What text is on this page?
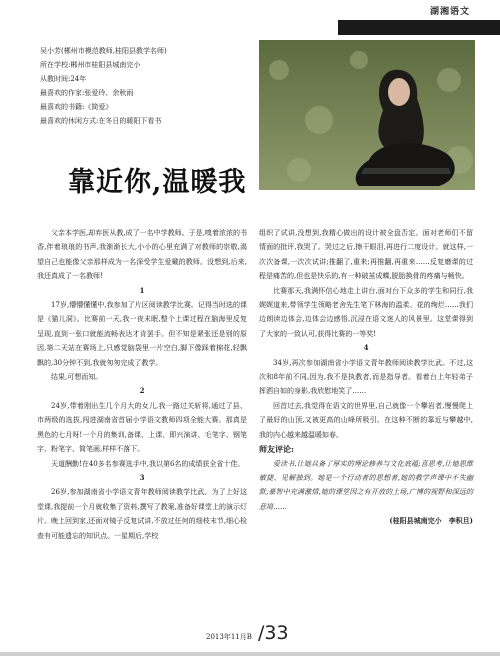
湖湘语文
吴小芳(郴州市模范教师,桂阳县教学名师)
所在学校:郴州市桂阳县城南完小
从教时间:24年
最喜欢的作家:张爱玲、余秋雨
最喜欢的书籍:《简爱》
最喜欢的休闲方式:在冬日的暖阳下看书
靠近你,温暖我

父亲本学医,却弃医从教,成了一名中学教师。于是,嗅着浓浓的书香,伴着琅琅的书声,我渐渐长大,小小的心里充满了对教师的崇敬,渴望自己也能像父亲那样成为一名深受学生爱戴的教师。没想到,后来,我还真成了一名教师!

1

17岁,懵懵懂懂中,我参加了片区阅读教学比赛。记得当时选的课是《猫儿洞》。比赛前一天,我一夜未眠,整个上课过程在脑海里反复呈现,直到一张口就能流畅表达才肯罢手。但不知是紧张还是别的原因,第二天站在赛场上,只感觉脑袋里一片空白,脚下像踩着棉花,轻飘飘的,30分钟不到,我就匆匆完成了教学。

结果,可想而知。

2

24岁,带着刚出生几个月大的女儿,我一路过关斩将,通过了县、市两级的选拔,闯进湖南省首届小学语文教师四项全能大赛。那真是黑色的七月呀!一个月的集训,备课、上课、即兴演讲、毛笔字、钢笔字、粉笔字、简笔画,样样不落下。

天道酬勤!在40多名参赛选手中,我以第6名的成绩获全省十佳。

3

26岁,参加湖南省小学语文青年教师阅读教学比武。为了上好这堂课,我提前一个月就收集了资料,撰写了教案,准备好课堂上的演示灯片。晚上回到家,还面对镜子反复试讲,不放过任何的细枝末节,细心检查有可能遗忘的知识点。一星期后,学校

组织了试讲,没想到,我精心做出的设计被全盘否定。面对老师们不留情面的批评,我哭了。哭过之后,擦干眼泪,再进行二度设计。就这样,一次次备课,一次次试讲;推翻了,重来;再推翻,再重来……反复磨课的过程是痛苦的,但也是快乐的,有一种破茧成蝶,脱胎换骨的疼痛与畅快。

比赛那天,我满怀信心地走上讲台,面对台下众多的学生和同行,我娓娓道来,带领学生领略老舍先生笔下林海的温柔、花的绚烂……我们边朗读边体会,边体会边感悟,沉浸在语文迷人的风景里。这堂课得到了大家的一致认可,获得比赛的一等奖!

4

34岁,再次参加湖南省小学语文青年教师阅读教学比武。不过,这次和8年前不同,因为,我不是执教者,而是指导者。看着台上年轻弟子挥洒自如的身影,我欣慰地笑了……

回首过去,我觉得在语文的世界里,自己就像一个攀岩者,慢慢爬上了最好的山顶,又被更高的山峰所吸引。在这种不断的靠近与攀越中,我的内心越来越温暖如春。

师友评论:

爱读书,让她具备了厚实的理论修养与文化底蕴;喜思考,让她思维敏捷、见解独到。她是一个行动者的思想者,她的教学声课中不失幽默,豪智中充满激情,她的课堂因之有开放的土场,广博的视野和深远的意境……

(桂阳县城南完小　李积旦)

2013年11月B /33
